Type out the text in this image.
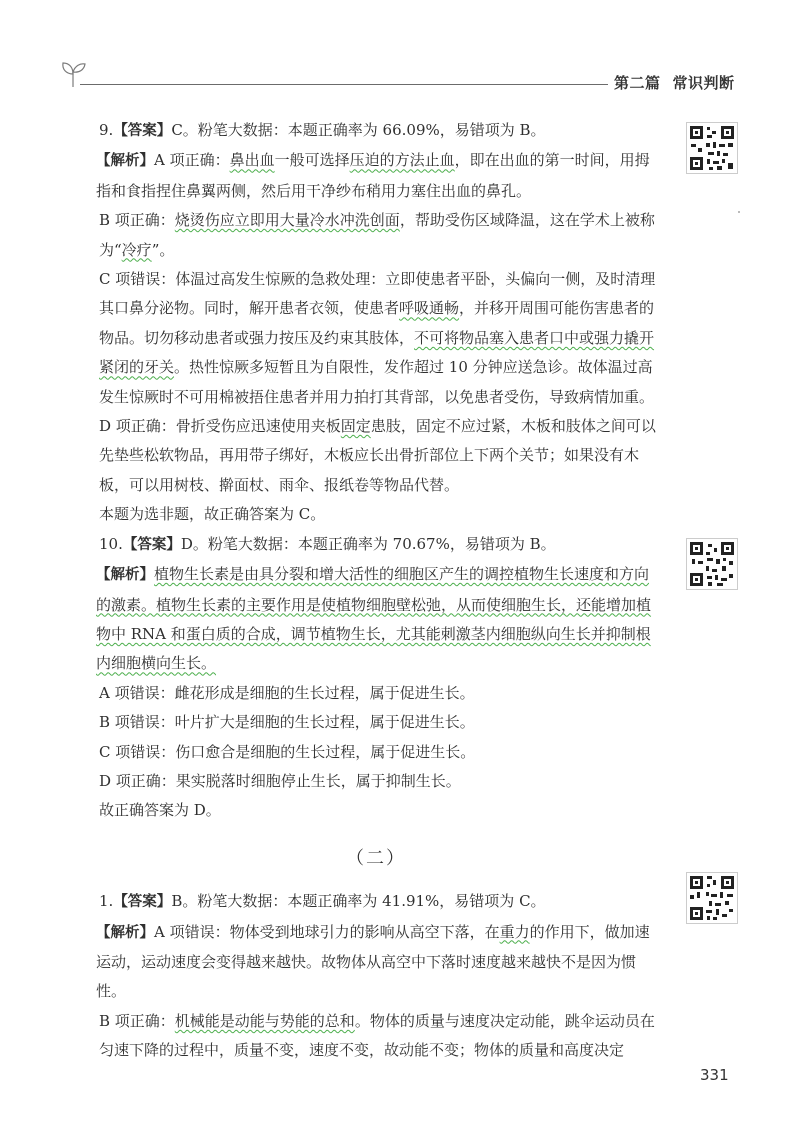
第二篇 常识判断

9.【答案】C。粉笔大数据：本题正确率为 66.09%，易错项为 B。

【解析】A 项正确：鼻出血一般可选择压迫的方法止血，即在出血的第一时间，用拇指和食指捏住鼻翼两侧，然后用干净纱布稍用力塞住出血的鼻孔。

B 项正确：烧烫伤应立即用大量冷水冲洗创面，帮助受伤区域降温，这在学术上被称为“冷疗”。

C 项错误：体温过高发生惊厥的急救处理：立即使患者平卧，头偏向一侧，及时清理其口鼻分泌物。同时，解开患者衣领，使患者呼吸通畅，并移开周围可能伤害患者的物品。切勿移动患者或强力按压及约束其肢体，不可将物品塞入患者口中或强力撬开紧闭的牙关。热性惊厥多短暂且为自限性，发作超过 10 分钟应送急诊。故体温过高发生惊厥时不可用棉被捂住患者并用力拍打其背部，以免患者受伤，导致病情加重。

D 项正确：骨折受伤应迅速使用夹板固定患肢，固定不应过紧，木板和肢体之间可以先垫些松软物品，再用带子绑好，木板应长出骨折部位上下两个关节；如果没有木板，可以用树枝、擀面杖、雨伞、报纸卷等物品代替。

本题为选非题，故正确答案为 C。

10.【答案】D。粉笔大数据：本题正确率为 70.67%，易错项为 B。

【解析】植物生长素是由具分裂和增大活性的细胞区产生的调控植物生长速度和方向的激素。植物生长素的主要作用是使植物细胞壁松弛，从而使细胞生长，还能增加植物中 RNA 和蛋白质的合成，调节植物生长，尤其能刺激茎内细胞纵向生长并抑制根内细胞横向生长。

A 项错误：雌花形成是细胞的生长过程，属于促进生长。

B 项错误：叶片扩大是细胞的生长过程，属于促进生长。

C 项错误：伤口愈合是细胞的生长过程，属于促进生长。

D 项正确：果实脱落时细胞停止生长，属于抑制生长。

故正确答案为 D。

（二）

1.【答案】B。粉笔大数据：本题正确率为 41.91%，易错项为 C。

【解析】A 项错误：物体受到地球引力的影响从高空下落，在重力的作用下，做加速运动，运动速度会变得越来越快。故物体从高空中下落时速度越来越快不是因为惯性。

B 项正确：机械能是动能与势能的总和。物体的质量与速度决定动能，跳伞运动员在匀速下降的过程中，质量不变，速度不变，故动能不变；物体的质量和高度决定

331
